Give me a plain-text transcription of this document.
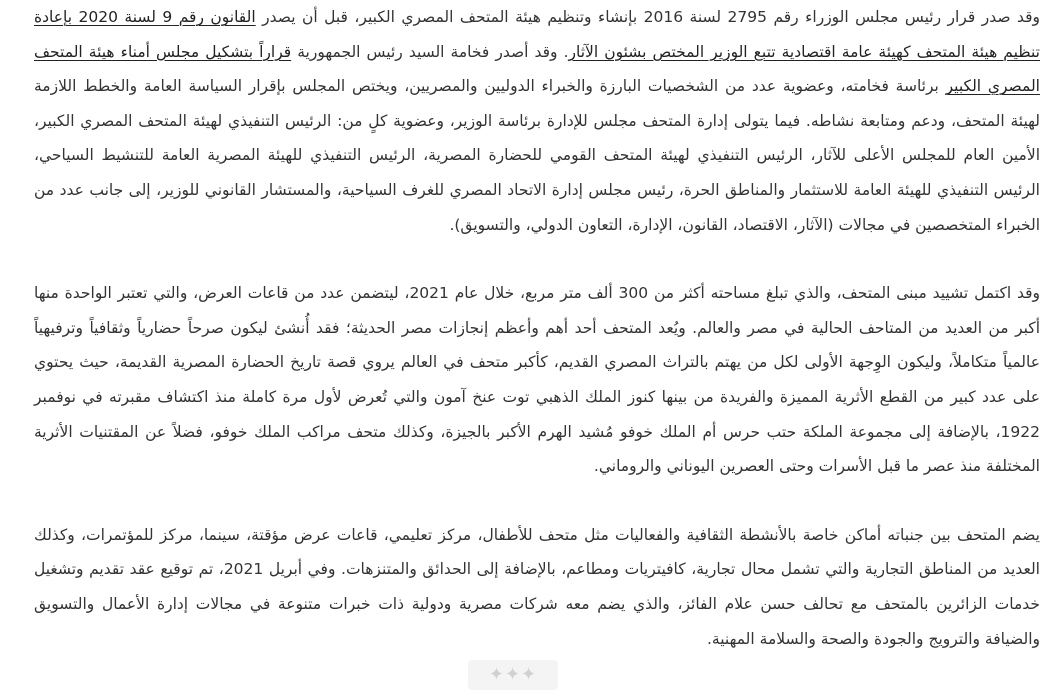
وقد صدر قرار رئيس مجلس الوزراء رقم 2795 لسنة 2016 بإنشاء وتنظيم هيئة المتحف المصري الكبير، قبل أن يصدر القانون رقم 9 لسنة 2020 بإعادة تنظيم هيئة المتحف كهيئة عامة اقتصادية تتبع الوزير المختص بشئون الآثار. وقد أصدر فخامة السيد رئيس الجمهورية قراراً بتشكيل مجلس أمناء هيئة المتحف المصري الكبير برئاسة فخامته، وعضوية عدد من الشخصيات البارزة والخبراء الدوليين والمصريين، ويختص المجلس بإقرار السياسة العامة والخطط اللازمة لهيئة المتحف، ودعم ومتابعة نشاطه. فيما يتولى إدارة المتحف مجلس للإدارة برئاسة الوزير، وعضوية كلٍ من: الرئيس التنفيذي لهيئة المتحف المصري الكبير، الأمين العام للمجلس الأعلى للآثار، الرئيس التنفيذي لهيئة المتحف القومي للحضارة المصرية، الرئيس التنفيذي للهيئة المصرية العامة للتنشيط السياحي، الرئيس التنفيذي للهيئة العامة للاستثمار والمناطق الحرة، رئيس مجلس إدارة الاتحاد المصري للغرف السياحية، والمستشار القانوني للوزير، إلى جانب عدد من الخبراء المتخصصين في مجالات (الآثار، الاقتصاد، القانون، الإدارة، التعاون الدولي، والتسويق).

وقد اكتمل تشييد مبنى المتحف، والذي تبلغ مساحته أكثر من 300 ألف متر مربع، خلال عام 2021، ليتضمن عدد من قاعات العرض، والتي تعتبر الواحدة منها أكبر من العديد من المتاحف الحالية في مصر والعالم. ويُعد المتحف أحد أهم وأعظم إنجازات مصر الحديثة؛ فقد أُنشئ ليكون صرحاً حضارياً وثقافياً وترفيهياً عالمياً متكاملاً، وليكون الوِجهة الأولى لكل من يهتم بالتراث المصري القديم، كأكبر متحف في العالم يروي قصة تاريخ الحضارة المصرية القديمة، حيث يحتوي على عدد كبير من القطع الأثرية المميزة والفريدة من بينها كنوز الملك الذهبي توت عنخ آمون والتي تُعرض لأول مرة كاملة منذ اكتشاف مقبرته في نوفمبر 1922، بالإضافة إلى مجموعة الملكة حتب حرس أم الملك خوفو مُشيد الهرم الأكبر بالجيزة، وكذلك متحف مراكب الملك خوفو، فضلاً عن المقتنيات الأثرية المختلفة منذ عصر ما قبل الأسرات وحتى العصرين اليوناني والروماني.

يضم المتحف بين جنباته أماكن خاصة بالأنشطة الثقافية والفعاليات مثل متحف للأطفال، مركز تعليمي، قاعات عرض مؤقتة، سينما، مركز للمؤتمرات، وكذلك العديد من المناطق التجارية والتي تشمل محال تجارية، كافيتريات ومطاعم، بالإضافة إلى الحدائق والمتنزهات. وفي أبريل 2021، تم توقيع عقد تقديم وتشغيل خدمات الزائرين بالمتحف مع تحالف حسن علام الفائز، والذي يضم معه شركات مصرية ودولية ذات خبرات متنوعة في مجالات إدارة الأعمال والتسويق والضيافة والترويج والجودة والصحة والسلامة المهنية.

✦✦✦
